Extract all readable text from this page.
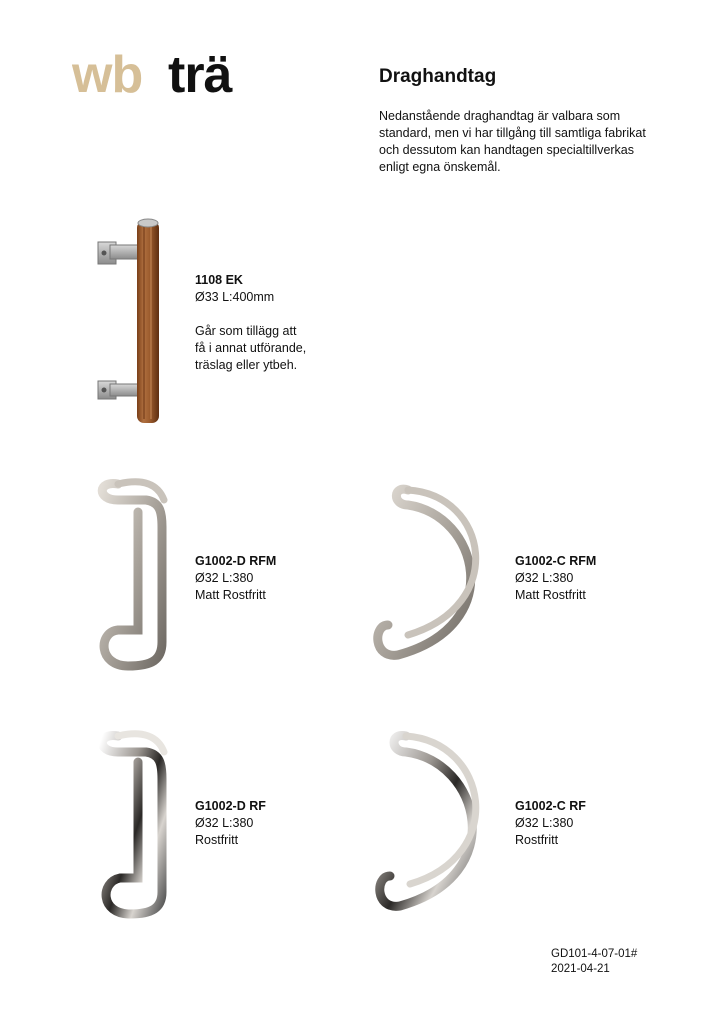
wb trä	Draghandtag
Nedanstående draghandtag är valbara som standard, men vi har tillgång till samtliga fabrikat och dessutom kan handtagen specialtillverkas enligt egna önskemål.
1108 EK
Ø33 L:400mm
Går som tillägg att
få i annat utförande,
träslag eller ytbeh.
G1002-D RFM
Ø32 L:380
Matt Rostfritt
G1002-C RFM
Ø32 L:380
Matt Rostfritt
G1002-D RF
Ø32 L:380
Rostfritt
G1002-C RF
Ø32 L:380
Rostfritt
GD101-4-07-01#
2021-04-21
